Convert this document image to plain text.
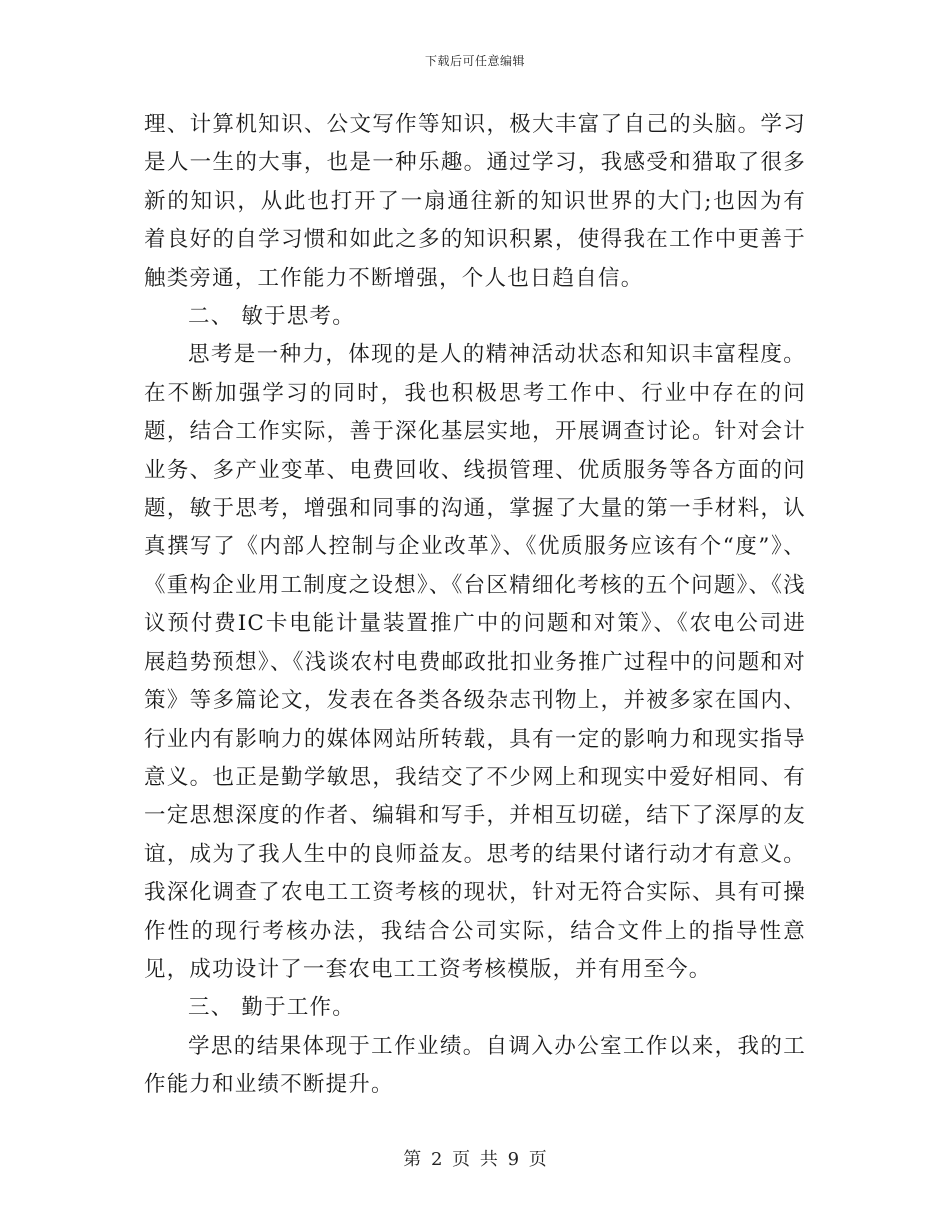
下载后可任意编辑

理、计算机知识、公文写作等知识，极大丰富了自己的头脑。学习是人一生的大事，也是一种乐趣。通过学习，我感受和猎取了很多新的知识，从此也打开了一扇通往新的知识世界的大门;也因为有着良好的自学习惯和如此之多的知识积累，使得我在工作中更善于触类旁通，工作能力不断增强，个人也日趋自信。

二、 敏于思考。

思考是一种力，体现的是人的精神活动状态和知识丰富程度。在不断加强学习的同时，我也积极思考工作中、行业中存在的问题，结合工作实际，善于深化基层实地，开展调查讨论。针对会计业务、多产业变革、电费回收、线损管理、优质服务等各方面的问题，敏于思考，增强和同事的沟通，掌握了大量的第一手材料，认真撰写了《内部人控制与企业改革》、《优质服务应该有个“度”》、《重构企业用工制度之设想》、《台区精细化考核的五个问题》、《浅议预付费IC卡电能计量装置推广中的问题和对策》、《农电公司进展趋势预想》、《浅谈农村电费邮政批扣业务推广过程中的问题和对策》等多篇论文，发表在各类各级杂志刊物上，并被多家在国内、行业内有影响力的媒体网站所转载，具有一定的影响力和现实指导意义。也正是勤学敏思，我结交了不少网上和现实中爱好相同、有一定思想深度的作者、编辑和写手，并相互切磋，结下了深厚的友谊，成为了我人生中的良师益友。思考的结果付诸行动才有意义。我深化调查了农电工工资考核的现状，针对无符合实际、具有可操作性的现行考核办法，我结合公司实际，结合文件上的指导性意见，成功设计了一套农电工工资考核模版，并有用至今。

三、 勤于工作。

学思的结果体现于工作业绩。自调入办公室工作以来，我的工作能力和业绩不断提升。

第 2 页 共 9 页
